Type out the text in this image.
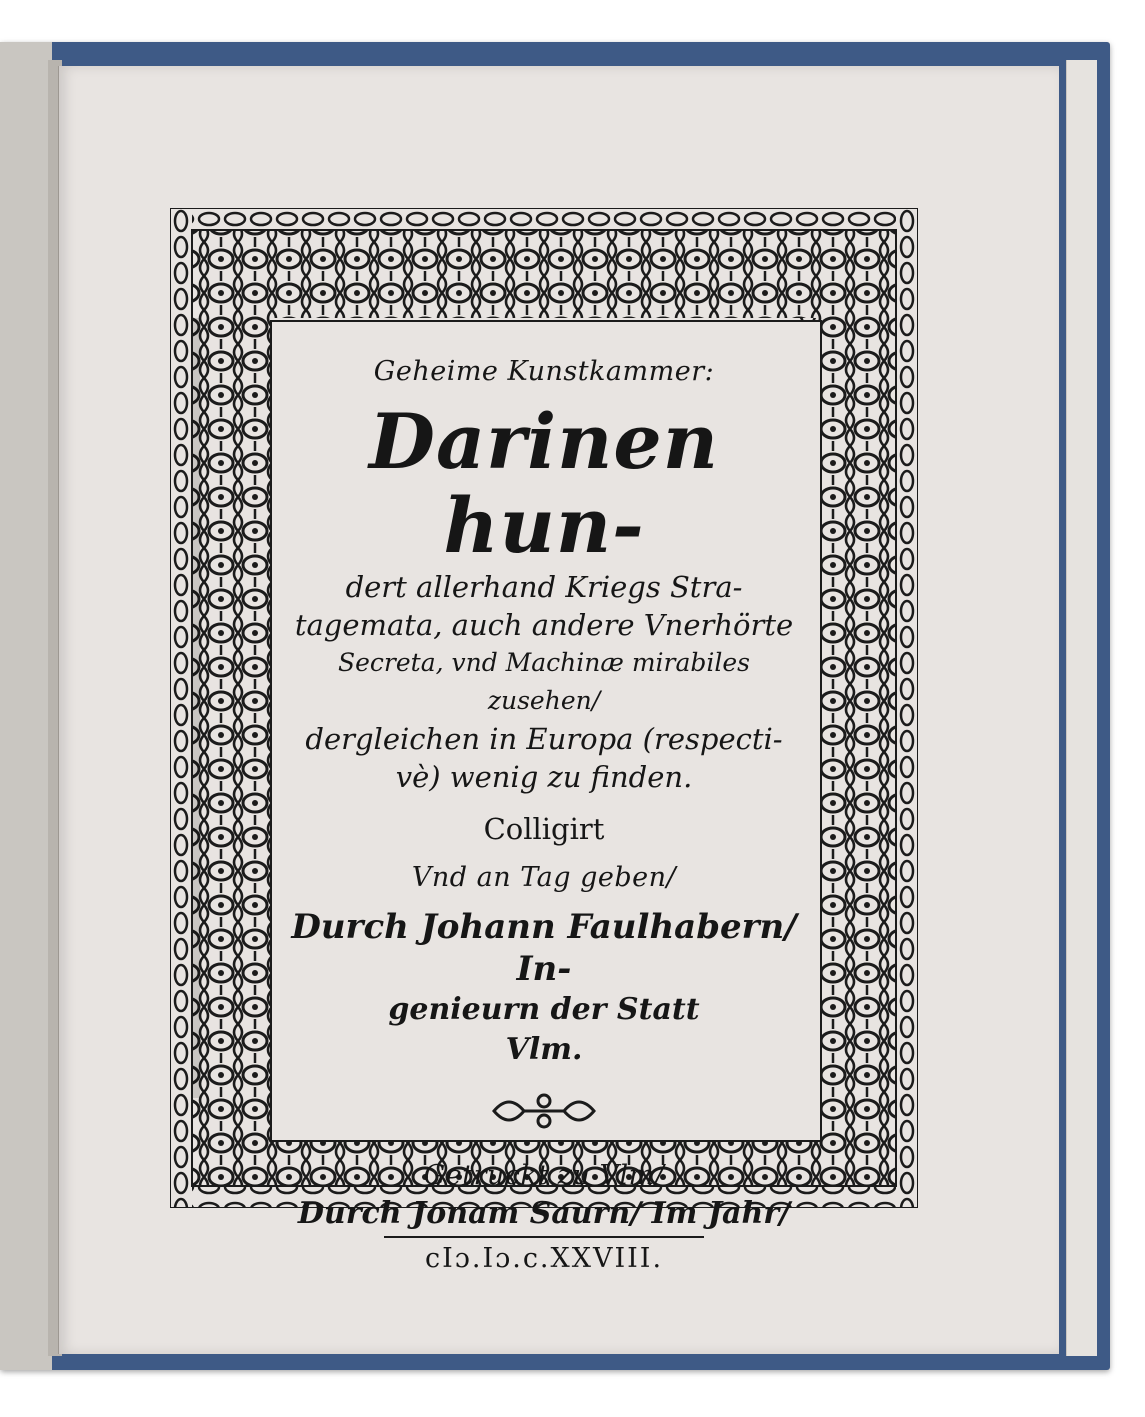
Geheime Kunstkammer:
Darinen hun-
dert allerhand Kriegs Stra-
tagemata, auch andere Vnerhörte
Secreta, vnd Machinæ mirabiles zusehen/
dergleichen in Europa (respecti-
vè) wenig zu finden.
Colligirt
Vnd an Tag geben/
Durch Johann Faulhabern/ In-
genieurn der Statt
Vlm.
Getruckt zu Vlm/
Durch Jonam Saurn/ Im Jahr/
cIɔ.Iɔ.c.XXVIII.
